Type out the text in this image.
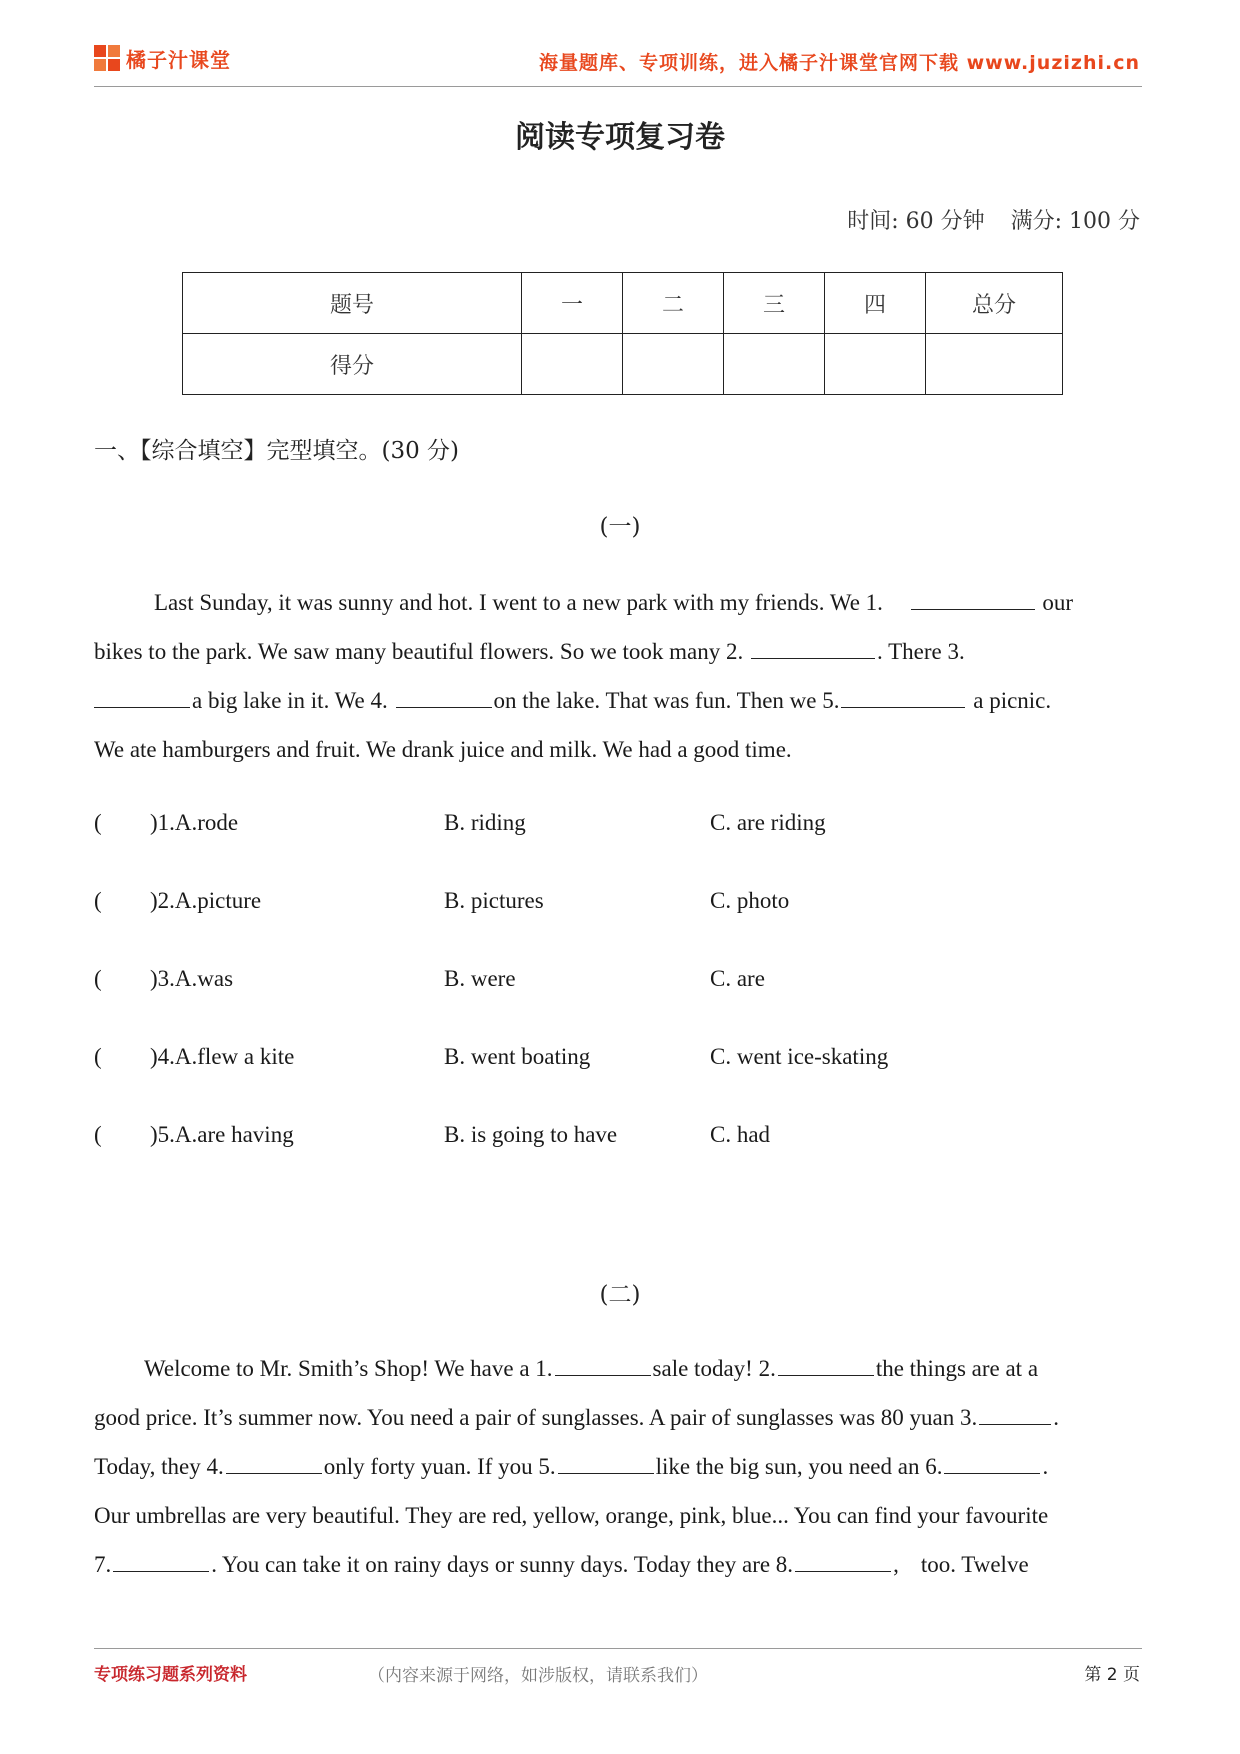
橘子汁课堂	海量题库、专项训练，进入橘子汁课堂官网下载 www.juzizhi.cn
阅读专项复习卷
时间: 60 分钟 满分: 100 分
题号	一	二	三	四	总分
得分					
一、【综合填空】完型填空。(30 分)
(一)
Last Sunday, it was sunny and hot. I went to a new park with my friends. We 1.	our
bikes to the park. We saw many beautiful flowers. So we took many 2.	. There 3.
a big lake in it. We 4.	on the lake. That was fun. Then we 5.	a picnic.
We ate hamburgers and fruit. We drank juice and milk. We had a good time.
( )1.A.rode	B. riding	C. are riding
( )2.A.picture	B. pictures	C. photo
( )3.A.was	B. were	C. are
( )4.A.flew a kite	B. went boating	C. went ice-skating
( )5.A.are having	B. is going to have	C. had
(二)
Welcome to Mr. Smith’s Shop! We have a 1.	sale today! 2.	the things are at a
good price. It’s summer now. You need a pair of sunglasses. A pair of sunglasses was 80 yuan 3.	.
Today, they 4.	only forty yuan. If you 5.	like the big sun, you need an 6.	.
Our umbrellas are very beautiful. They are red, yellow, orange, pink, blue... You can find your favourite
7.	. You can take it on rainy days or sunny days. Today they are 8.	, too. Twelve
专项练习题系列资料	（内容来源于网络，如涉版权，请联系我们）	第 2 页
